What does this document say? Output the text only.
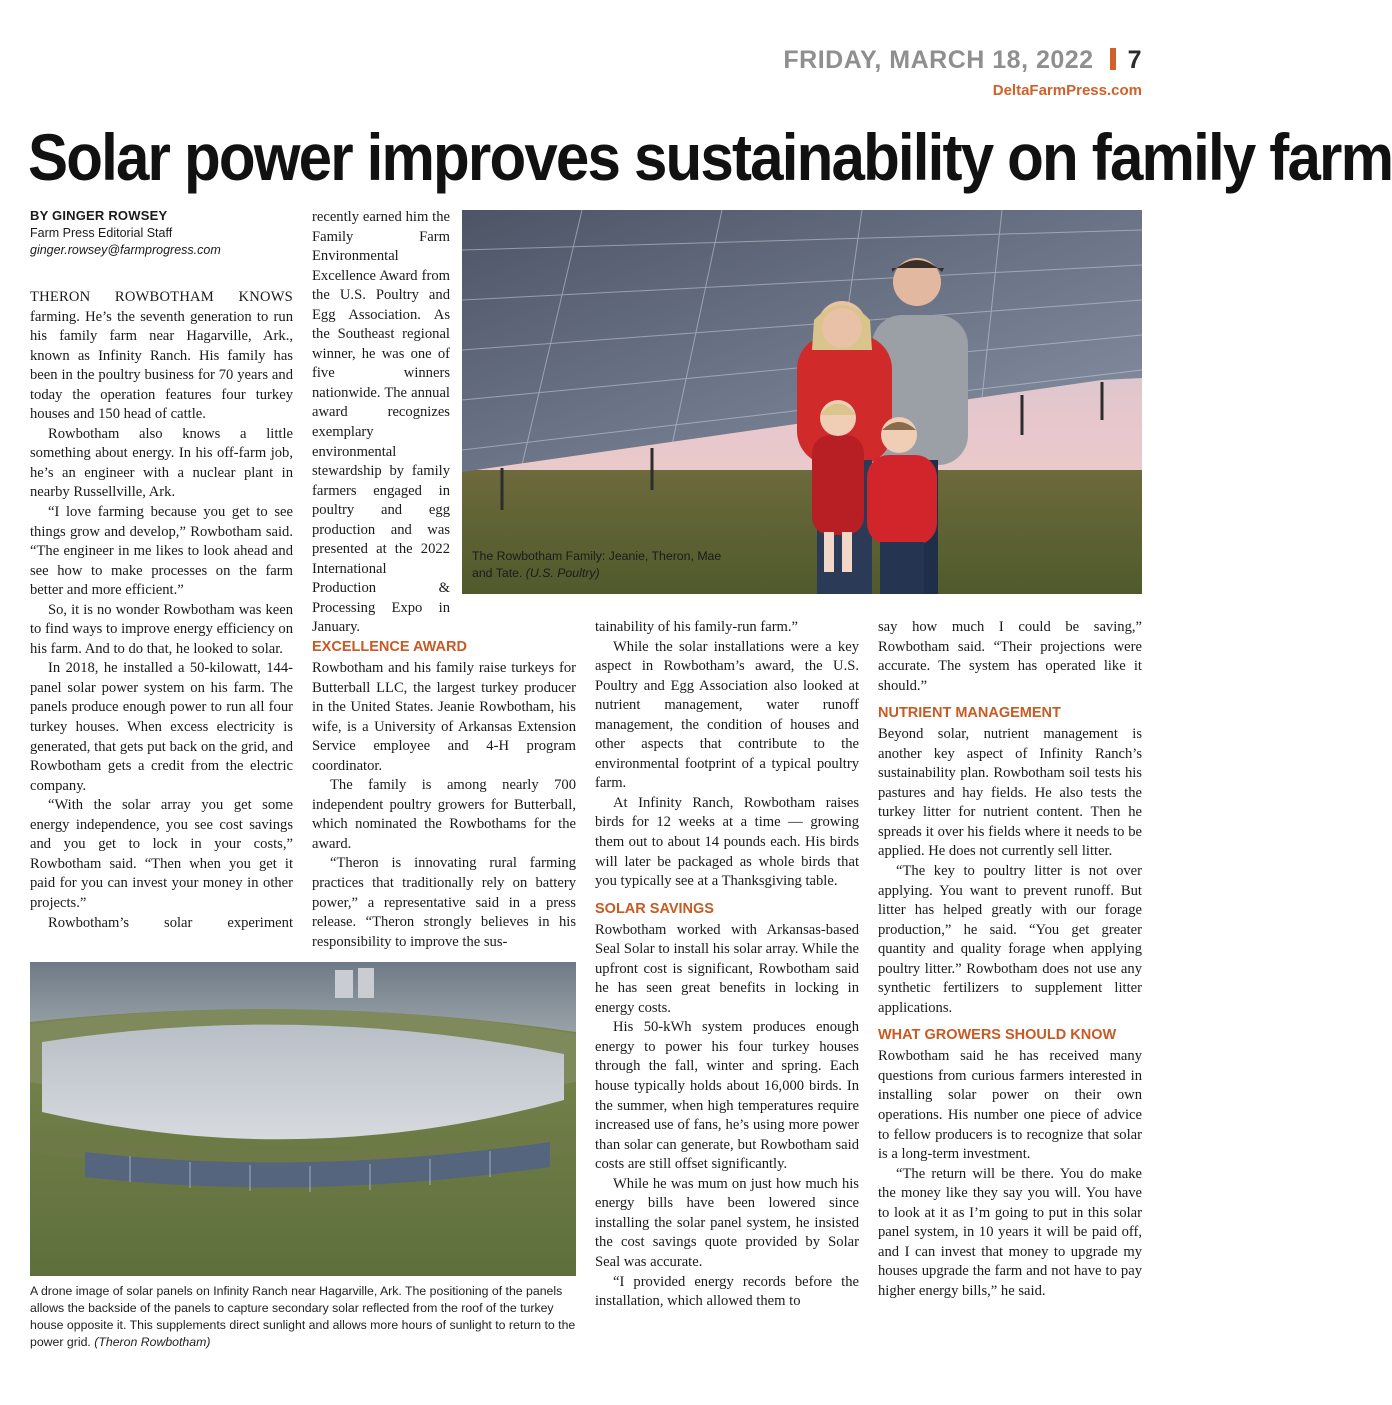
FRIDAY, MARCH 18, 2022 7
DeltaFarmPress.com
Solar power improves sustainability on family farm
BY GINGER ROWSEY
Farm Press Editorial Staff
ginger.rowsey@farmprogress.com

THERON ROWBOTHAM KNOWS farming. He’s the seventh generation to run his family farm near Hagarville, Ark., known as Infinity Ranch. His family has been in the poultry business for 70 years and today the operation features four turkey houses and 150 head of cattle.

Rowbotham also knows a little something about energy. In his off-farm job, he’s an engineer with a nuclear plant in nearby Russellville, Ark.

“I love farming because you get to see things grow and develop,” Rowbotham said. “The engineer in me likes to look ahead and see how to make processes on the farm better and more efficient.”

So, it is no wonder Rowbotham was keen to find ways to improve energy efficiency on his farm. And to do that, he looked to solar.

In 2018, he installed a 50-kilowatt, 144-panel solar power system on his farm. The panels produce enough power to run all four turkey houses. When excess electricity is generated, that gets put back on the grid, and Rowbotham gets a credit from the electric company.

“With the solar array you get some energy independence, you see cost savings and you get to lock in your costs,” Rowbotham said. “Then when you get it paid for you can invest your money in other projects.”

Rowbotham’s solar experiment

recently earned him the Family Farm Environmental Excellence Award from the U.S. Poultry and Egg Association. As the Southeast regional winner, he was one of five winners nationwide. The annual award recognizes exemplary environmental stewardship by family farmers engaged in poultry and egg production and was presented at the 2022 International Production & Processing Expo in January.

EXCELLENCE AWARD

Rowbotham and his family raise turkeys for Butterball LLC, the largest turkey producer in the United States. Jeanie Rowbotham, his wife, is a University of Arkansas Extension Service employee and 4-H program coordinator.

The family is among nearly 700 independent poultry growers for Butterball, which nominated the Rowbothams for the award.

“Theron is innovating rural farming practices that traditionally rely on battery power,” a representative said in a press release. “Theron strongly believes in his responsibility to improve the sus-

tainability of his family-run farm.”

While the solar installations were a key aspect in Rowbotham’s award, the U.S. Poultry and Egg Association also looked at nutrient management, water runoff management, the condition of houses and other aspects that contribute to the environmental footprint of a typical poultry farm.

At Infinity Ranch, Rowbotham raises birds for 12 weeks at a time — growing them out to about 14 pounds each. His birds will later be packaged as whole birds that you typically see at a Thanksgiving table.

SOLAR SAVINGS

Rowbotham worked with Arkansas-based Seal Solar to install his solar array. While the upfront cost is significant, Rowbotham said he has seen great benefits in locking in energy costs.

His 50-kWh system produces enough energy to power his four turkey houses through the fall, winter and spring. Each house typically holds about 16,000 birds. In the summer, when high temperatures require increased use of fans, he’s using more power than solar can generate, but Rowbotham said costs are still offset significantly.

While he was mum on just how much his energy bills have been lowered since installing the solar panel system, he insisted the cost savings quote provided by Solar Seal was accurate.

“I provided energy records before the installation, which allowed them to

say how much I could be saving,” Rowbotham said. “Their projections were accurate. The system has operated like it should.”

NUTRIENT MANAGEMENT

Beyond solar, nutrient management is another key aspect of Infinity Ranch’s sustainability plan. Rowbotham soil tests his pastures and hay fields. He also tests the turkey litter for nutrient content. Then he spreads it over his fields where it needs to be applied. He does not currently sell litter.

“The key to poultry litter is not over applying. You want to prevent runoff. But litter has helped greatly with our forage production,” he said. “You get greater quantity and quality forage when applying poultry litter.” Rowbotham does not use any synthetic fertilizers to supplement litter applications.

WHAT GROWERS SHOULD KNOW

Rowbotham said he has received many questions from curious farmers interested in installing solar power on their own operations. His number one piece of advice to fellow producers is to recognize that solar is a long-term investment.

“The return will be there. You do make the money like they say you will. You have to look at it as I’m going to put in this solar panel system, in 10 years it will be paid off, and I can invest that money to upgrade my houses upgrade the farm and not have to pay higher energy bills,” he said.

The Rowbotham Family: Jeanie, Theron, Mae and Tate. (U.S. Poultry)
A drone image of solar panels on Infinity Ranch near Hagarville, Ark. The positioning of the panels allows the backside of the panels to capture secondary solar reflected from the roof of the turkey house opposite it. This supplements direct sunlight and allows more hours of sunlight to return to the power grid. (Theron Rowbotham)
